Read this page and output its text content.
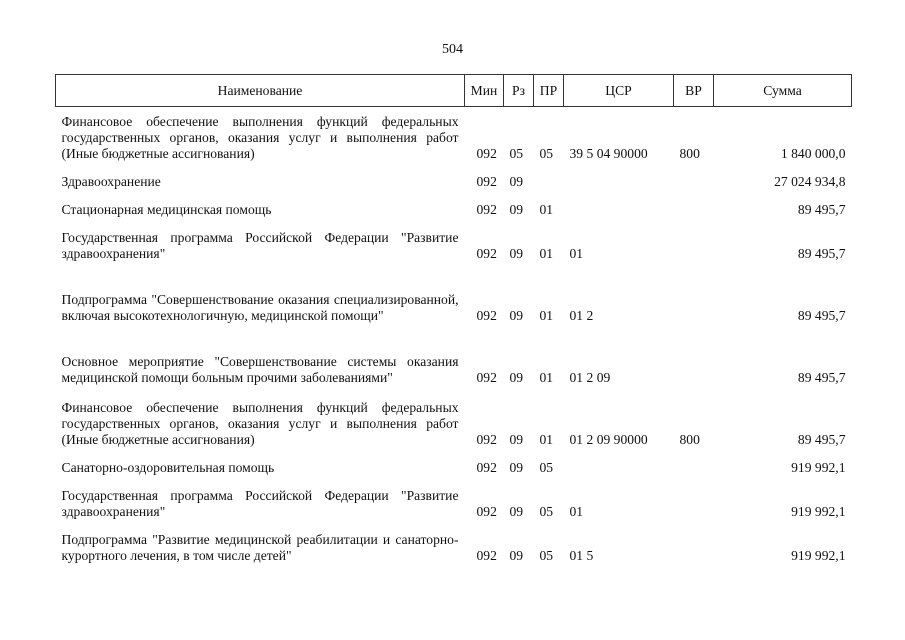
504
Наименование	Мин	Рз	ПР	ЦСР	ВР	Сумма
Финансовое обеспечение выполнения функций федеральных государственных органов, оказания услуг и выполнения работ (Иные бюджетные ассигнования)	092	05	05	39 5 04 90000	800	1 840 000,0
Здравоохранение	092	09				27 024 934,8
Стационарная медицинская помощь	092	09	01			89 495,7
Государственная программа Российской Федерации "Развитие здравоохранения"	092	09	01	01		89 495,7
Подпрограмма "Совершенствование оказания специализированной, включая высокотехнологичную, медицинской помощи"	092	09	01	01 2		89 495,7
Основное мероприятие "Совершенствование системы оказания медицинской помощи больным прочими заболеваниями"	092	09	01	01 2 09		89 495,7
Финансовое обеспечение выполнения функций федеральных государственных органов, оказания услуг и выполнения работ (Иные бюджетные ассигнования)	092	09	01	01 2 09 90000	800	89 495,7
Санаторно-оздоровительная помощь	092	09	05			919 992,1
Государственная программа Российской Федерации "Развитие здравоохранения"	092	09	05	01		919 992,1
Подпрограмма "Развитие медицинской реабилитации и санаторно-курортного лечения, в том числе детей"	092	09	05	01 5		919 992,1
